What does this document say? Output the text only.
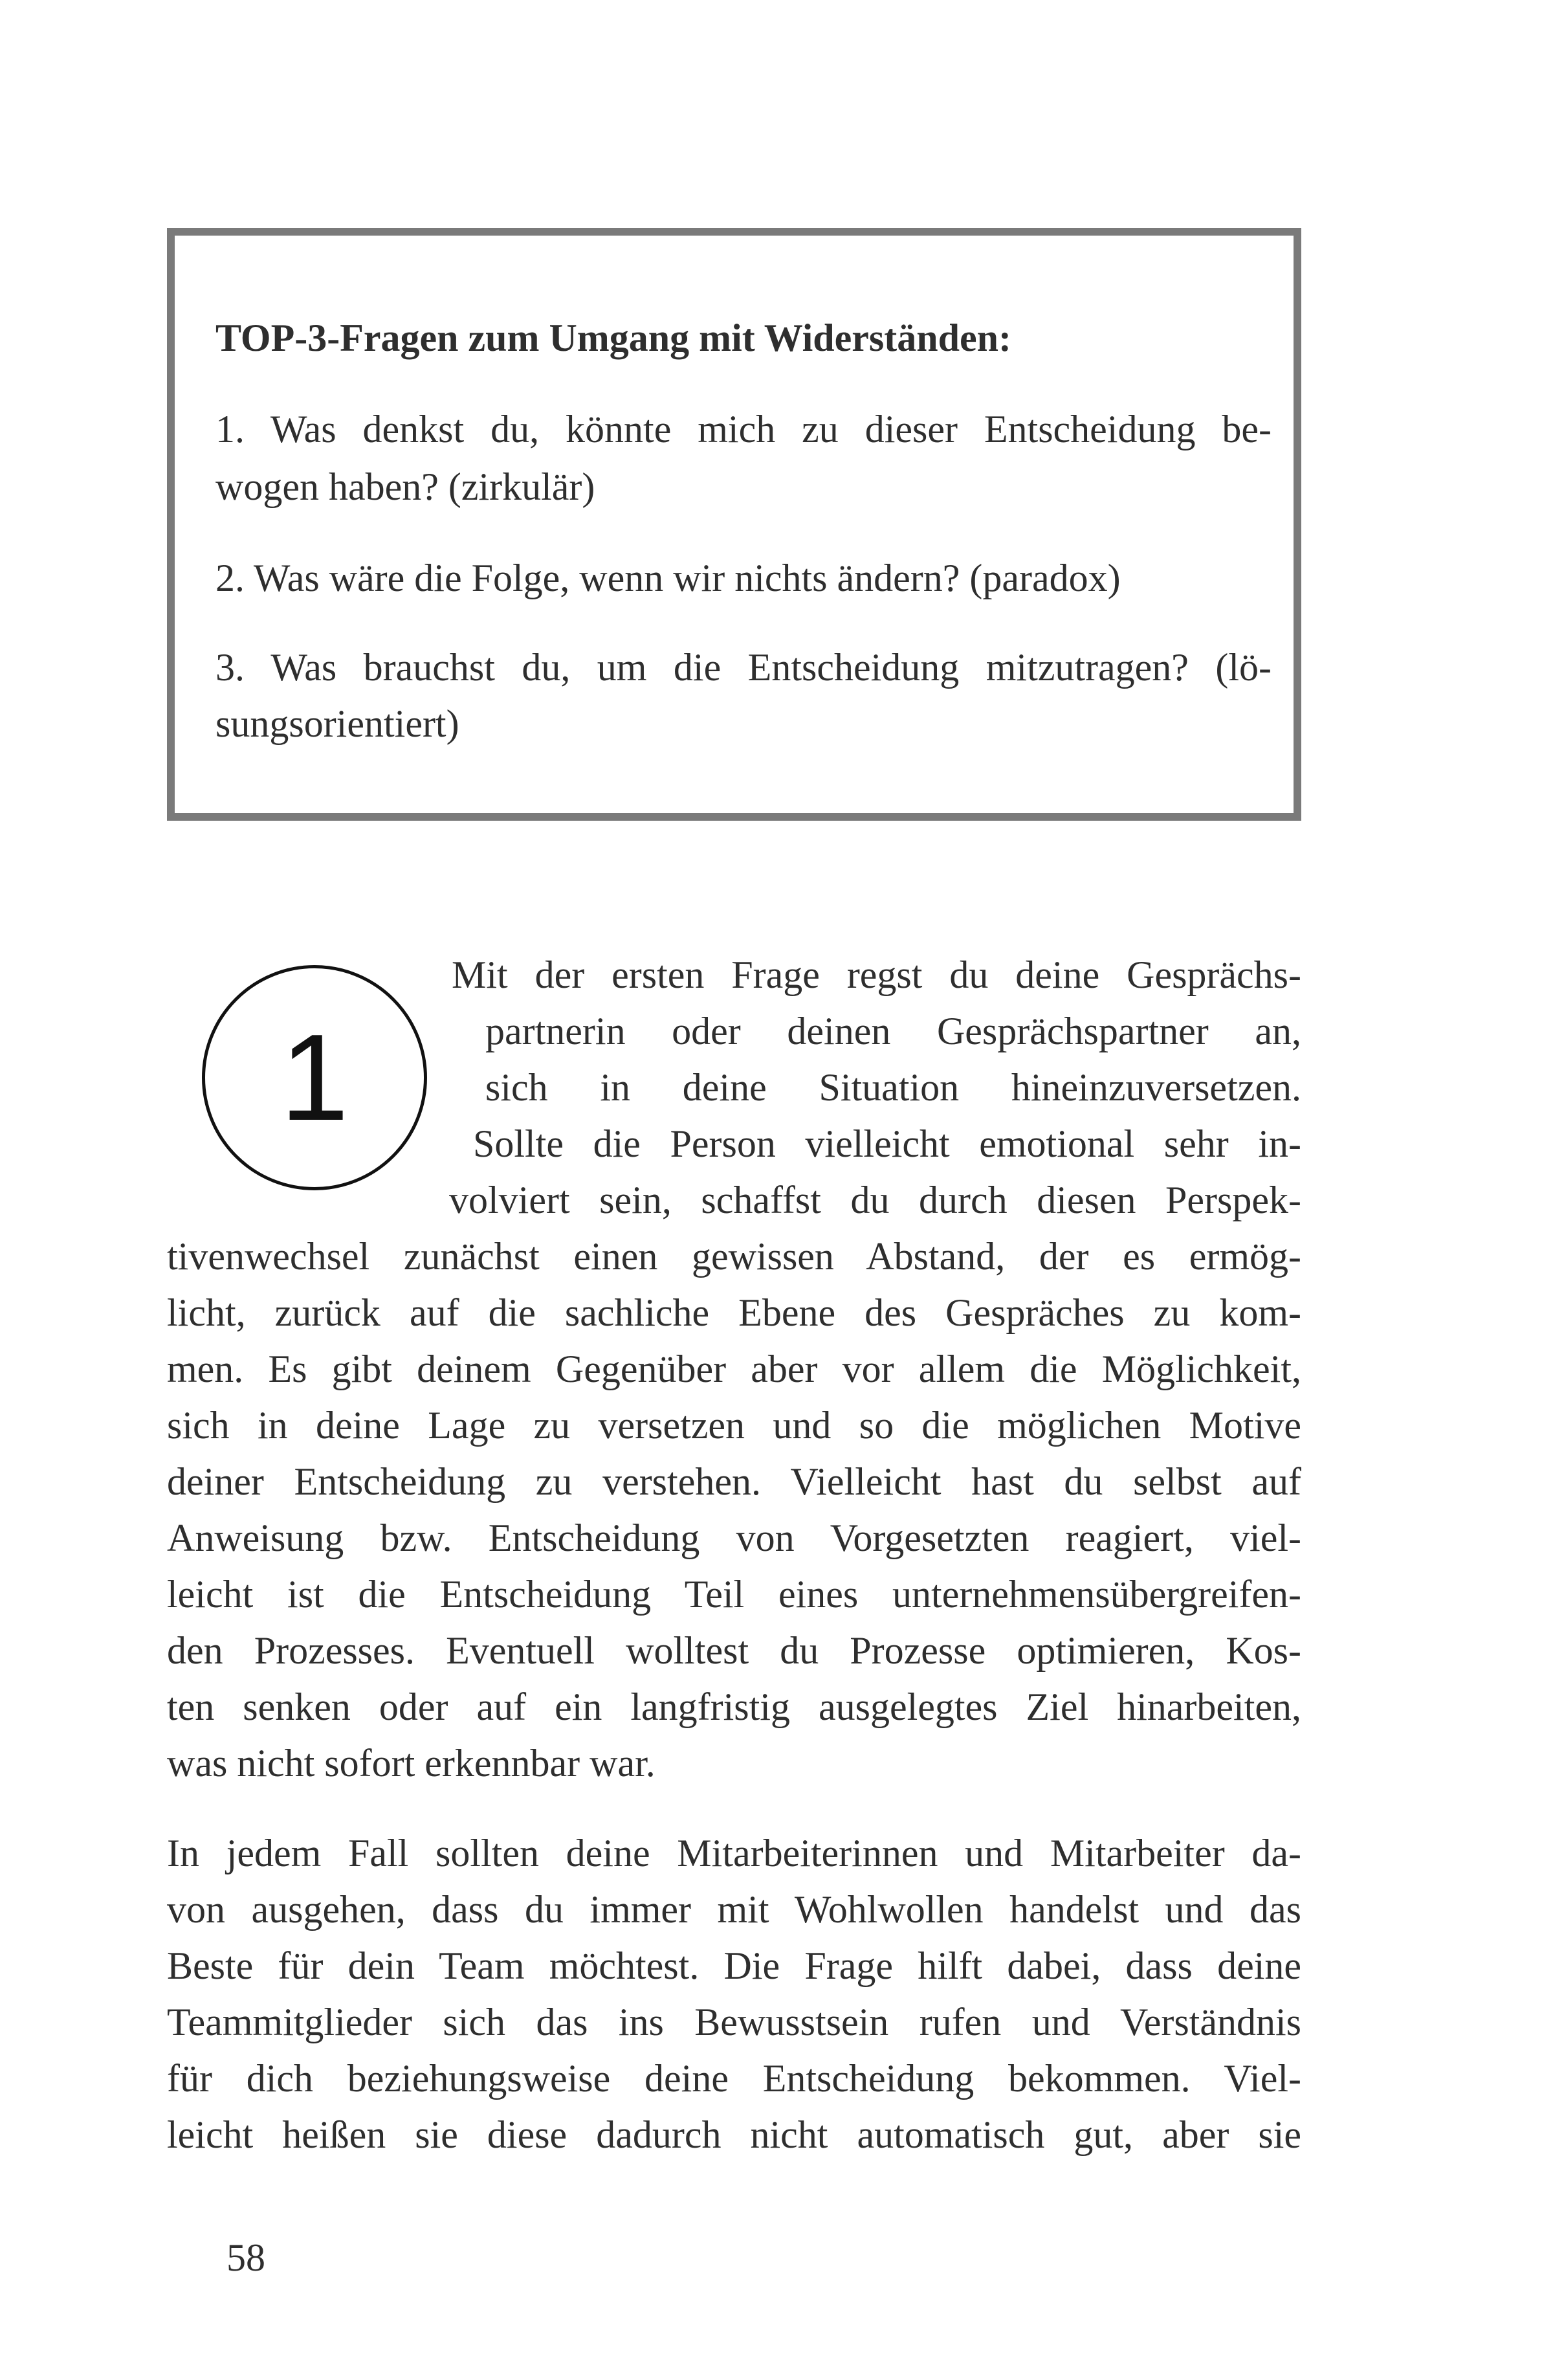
TOP-3-Fragen zum Umgang mit Widerständen:
1. Was denkst du, könnte mich zu dieser Entscheidung be-
wogen haben? (zirkulär)
2. Was wäre die Folge, wenn wir nichts ändern? (paradox)
3. Was brauchst du, um die Entscheidung mitzutragen? (lö-
sungsorientiert)
1
Mit der ersten Frage regst du deine Gesprächs-
partnerin oder deinen Gesprächspartner an,
sich in deine Situation hineinzuversetzen.
Sollte die Person vielleicht emotional sehr in-
volviert sein, schaffst du durch diesen Perspek-
tivenwechsel zunächst einen gewissen Abstand, der es ermög-
licht, zurück auf die sachliche Ebene des Gespräches zu kom-
men. Es gibt deinem Gegenüber aber vor allem die Möglichkeit,
sich in deine Lage zu versetzen und so die möglichen Motive
deiner Entscheidung zu verstehen. Vielleicht hast du selbst auf
Anweisung bzw. Entscheidung von Vorgesetzten reagiert, viel-
leicht ist die Entscheidung Teil eines unternehmensübergreifen-
den Prozesses. Eventuell wolltest du Prozesse optimieren, Kos-
ten senken oder auf ein langfristig ausgelegtes Ziel hinarbeiten,
was nicht sofort erkennbar war.
In jedem Fall sollten deine Mitarbeiterinnen und Mitarbeiter da-
von ausgehen, dass du immer mit Wohlwollen handelst und das
Beste für dein Team möchtest. Die Frage hilft dabei, dass deine
Teammitglieder sich das ins Bewusstsein rufen und Verständnis
für dich beziehungsweise deine Entscheidung bekommen. Viel-
leicht heißen sie diese dadurch nicht automatisch gut, aber sie
58
